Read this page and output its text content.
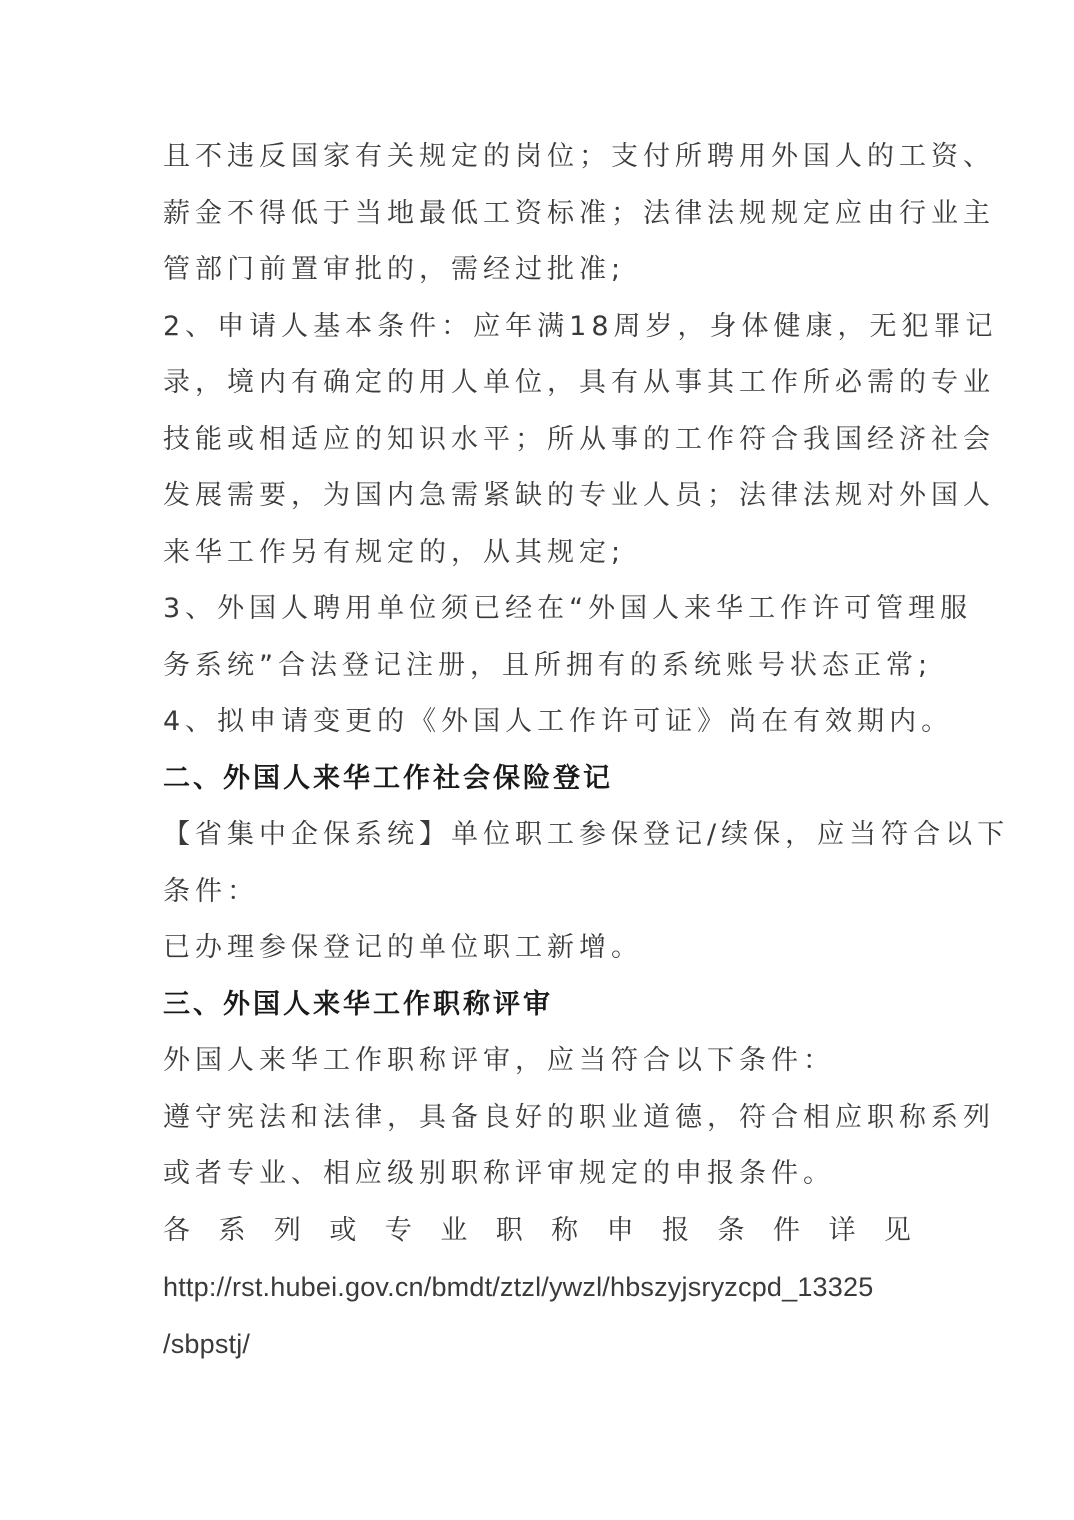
且不违反国家有关规定的岗位；支付所聘用外国人的工资、

薪金不得低于当地最低工资标准；法律法规规定应由行业主

管部门前置审批的，需经过批准;

2、申请人基本条件：应年满18周岁，身体健康，无犯罪记

录，境内有确定的用人单位，具有从事其工作所必需的专业

技能或相适应的知识水平；所从事的工作符合我国经济社会

发展需要，为国内急需紧缺的专业人员；法律法规对外国人

来华工作另有规定的，从其规定;

3、外国人聘用单位须已经在“外国人来华工作许可管理服

务系统”合法登记注册，且所拥有的系统账号状态正常;

4、拟申请变更的《外国人工作许可证》尚在有效期内。

二、外国人来华工作社会保险登记

【省集中企保系统】单位职工参保登记/续保，应当符合以下

条件：

已办理参保登记的单位职工新增。

三、外国人来华工作职称评审

外国人来华工作职称评审，应当符合以下条件：

遵守宪法和法律，具备良好的职业道德，符合相应职称系列

或者专业、相应级别职称评审规定的申报条件。

各 系 列 或 专 业 职 称 申 报 条 件 详 见

http://rst.hubei.gov.cn/bmdt/ztzl/ywzl/hbszyjsryzcpd_13325

/sbpstj/
